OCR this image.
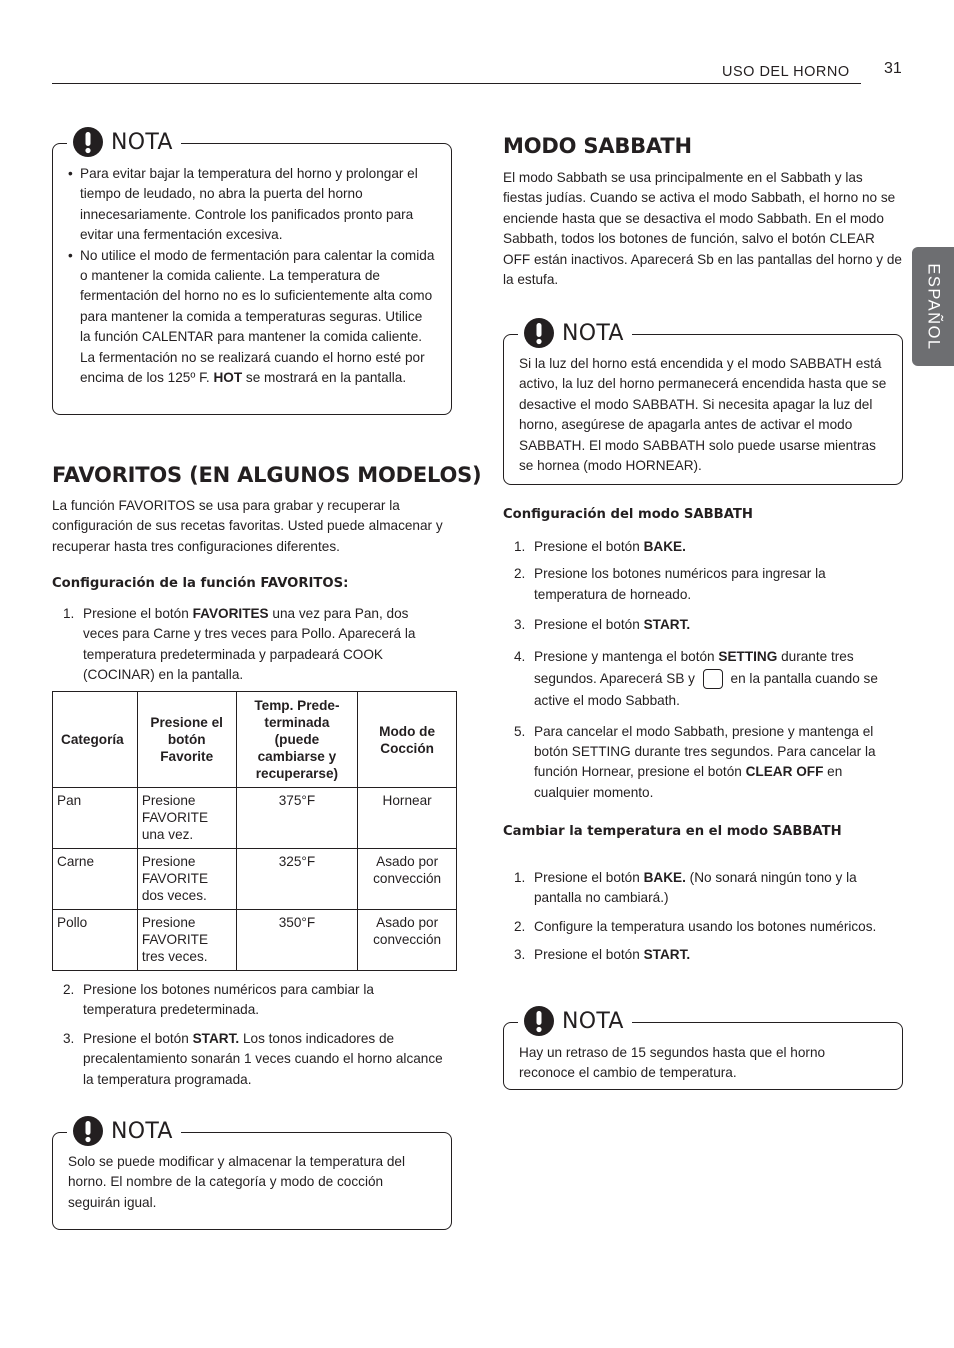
USO DEL HORNO 31
ESPAÑOL
NOTA
• Para evitar bajar la temperatura del horno y prolongar el tiempo de leudado, no abra la puerta del horno innecesariamente. Controle los panificados pronto para evitar una fermentación excesiva.
• No utilice el modo de fermentación para calentar la comida o mantener la comida caliente. La temperatura de fermentación del horno no es lo suficientemente alta como para mantener la comida a temperaturas seguras. Utilice la función CALENTAR para mantener la comida caliente. La fermentación no se realizará cuando el horno esté por encima de los 125º F. HOT se mostrará en la pantalla.
FAVORITOS (EN ALGUNOS MODELOS)
La función FAVORITOS se usa para grabar y recuperar la configuración de sus recetas favoritas. Usted puede almacenar y recuperar hasta tres configuraciones diferentes.
Configuración de la función FAVORITOS:
1. Presione el botón FAVORITES una vez para Pan, dos veces para Carne y tres veces para Pollo. Aparecerá la temperatura predeterminada y parpadeará COOK (COCINAR) en la pantalla.
Categoría	Presione el botón Favorite	Temp. Prede-terminada (puede cambiarse y recuperarse)	Modo de Cocción
Pan	Presione FAVORITE una vez.	375°F	Hornear
Carne	Presione FAVORITE dos veces.	325°F	Asado por convección
Pollo	Presione FAVORITE tres veces.	350°F	Asado por convección
2. Presione los botones numéricos para cambiar la temperatura predeterminada.
3. Presione el botón START. Los tonos indicadores de precalentamiento sonarán 1 veces cuando el horno alcance la temperatura programada.
NOTA
Solo se puede modificar y almacenar la temperatura del horno. El nombre de la categoría y modo de cocción seguirán igual.
MODO SABBATH
El modo Sabbath se usa principalmente en el Sabbath y las fiestas judías. Cuando se activa el modo Sabbath, el horno no se enciende hasta que se desactiva el modo Sabbath. En el modo Sabbath, todos los botones de función, salvo el botón CLEAR OFF están inactivos. Aparecerá Sb en las pantallas del horno y de la estufa.
NOTA
Si la luz del horno está encendida y el modo SABBATH está activo, la luz del horno permanecerá encendida hasta que se desactive el modo SABBATH. Si necesita apagar la luz del horno, asegúrese de apagarla antes de activar el modo SABBATH. El modo SABBATH solo puede usarse mientras se hornea (modo HORNEAR).
Configuración del modo SABBATH
1. Presione el botón BAKE.
2. Presione los botones numéricos para ingresar la temperatura de horneado.
3. Presione el botón START.
4. Presione y mantenga el botón SETTING durante tres segundos. Aparecerá SB y  en la pantalla cuando se active el modo Sabbath.
5. Para cancelar el modo Sabbath, presione y mantenga el botón SETTING durante tres segundos. Para cancelar la función Hornear, presione el botón CLEAR OFF en cualquier momento.
Cambiar la temperatura en el modo SABBATH
1. Presione el botón BAKE. (No sonará ningún tono y la pantalla no cambiará.)
2. Configure la temperatura usando los botones numéricos.
3. Presione el botón START.
NOTA
Hay un retraso de 15 segundos hasta que el horno reconoce el cambio de temperatura.
